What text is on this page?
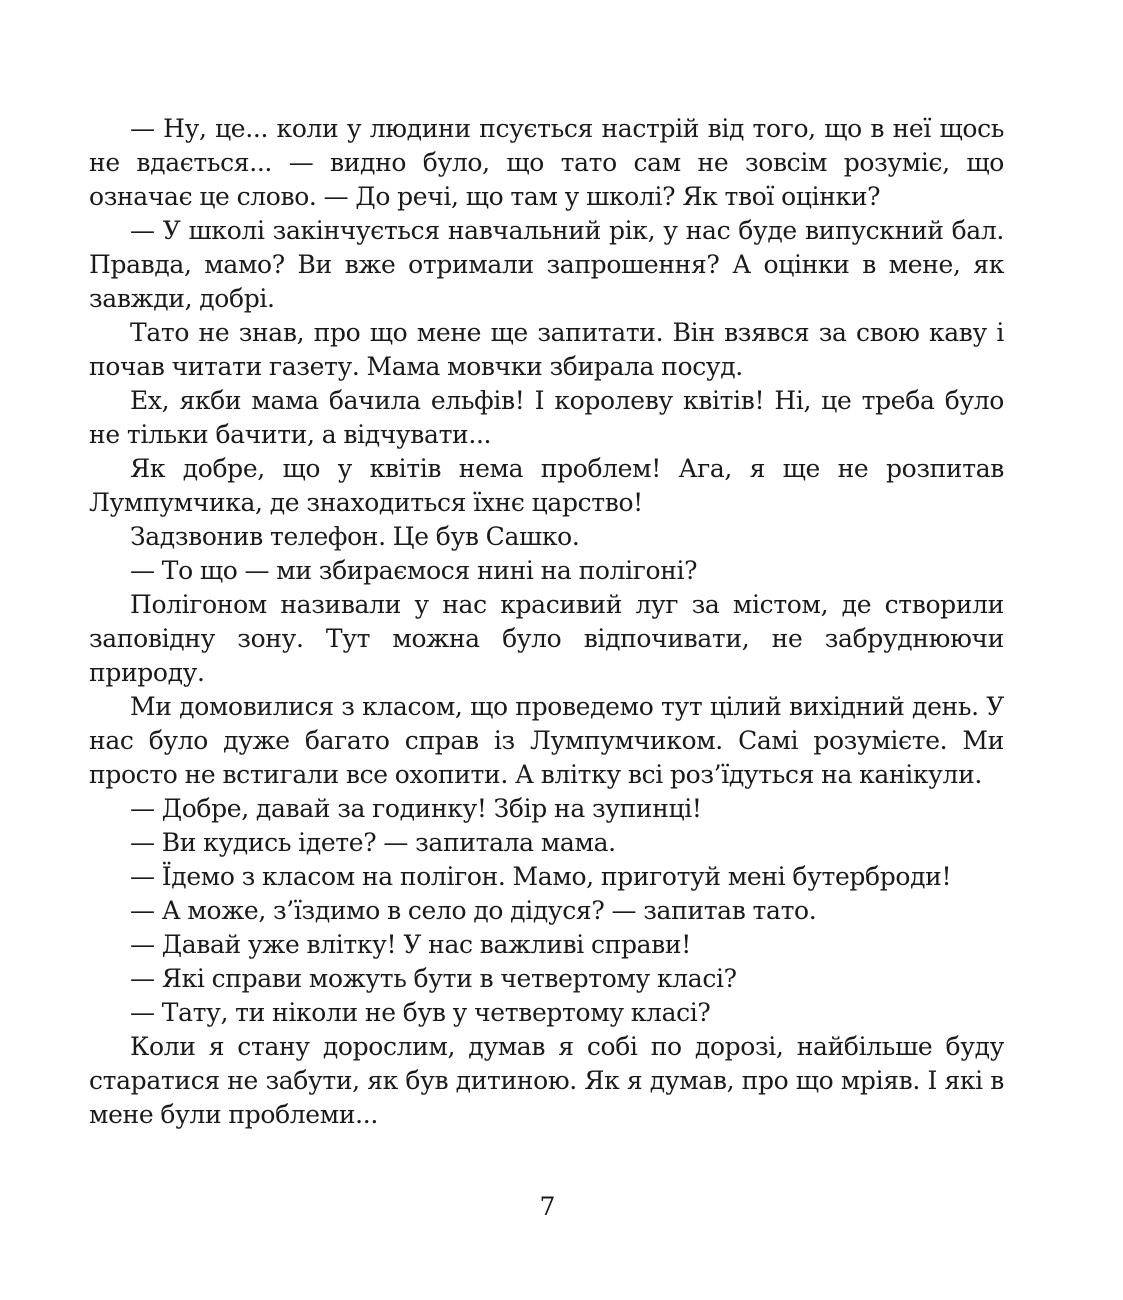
— Ну, це... коли у людини псується настрій від того, що в неї щось не вдається... — видно було, що тато сам не зовсім розуміє, що означає це слово. — До речі, що там у школі? Як твої оцінки?

— У школі закінчується навчальний рік, у нас буде випускний бал. Правда, мамо? Ви вже отримали запрошення? А оцінки в мене, як завжди, добрі.

Тато не знав, про що мене ще запитати. Він взявся за свою каву і почав читати газету. Мама мовчки збирала посуд.

Ех, якби мама бачила ельфів! І королеву квітів! Ні, це треба було не тільки бачити, а відчувати...

Як добре, що у квітів нема проблем! Ага, я ще не розпитав Лумпумчика, де знаходиться їхнє царство!

Задзвонив телефон. Це був Сашко.

— То що — ми збираємося нині на полігоні?

Полігоном називали у нас красивий луг за містом, де створили заповідну зону. Тут можна було відпочивати, не забруднюючи природу.

Ми домовилися з класом, що проведемо тут цілий вихідний день. У нас було дуже багато справ із Лумпумчиком. Самі розумієте. Ми просто не встигали все охопити. А влітку всі роз’їдуться на канікули.

— Добре, давай за годинку! Збір на зупинці!

— Ви кудись ідете? — запитала мама.

— Їдемо з класом на полігон. Мамо, приготуй мені бутерброди!

— А може, з’їздимо в село до дідуся? — запитав тато.

— Давай уже влітку! У нас важливі справи!

— Які справи можуть бути в четвертому класі?

— Тату, ти ніколи не був у четвертому класі?

Коли я стану дорослим, думав я собі по дорозі, найбільше буду старатися не забути, як був дитиною. Як я думав, про що мріяв. І які в мене були проблеми...

7
